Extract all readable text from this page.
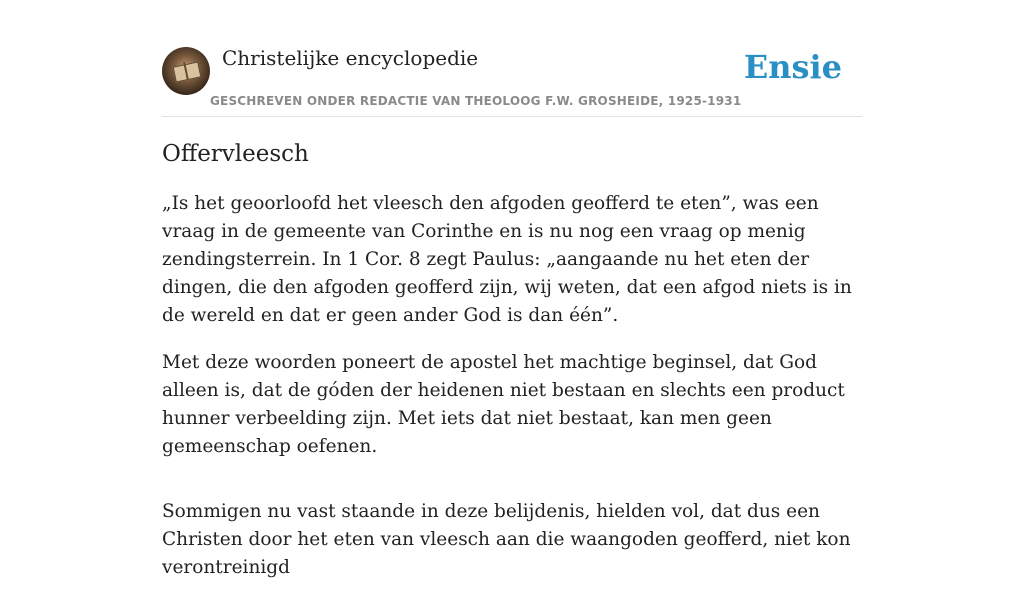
Christelijke encyclopedie
GESCHREVEN ONDER REDACTIE VAN THEOLOOG F.W. GROSHEIDE, 1925-1931
Ensie
Offervleesch

„Is het geoorloofd het vleesch den afgoden geofferd te eten”, was een vraag in de gemeente van Corinthe en is nu nog een vraag op menig zendingsterrein. In 1 Cor. 8 zegt Paulus: „aangaande nu het eten der dingen, die den afgoden geofferd zijn, wij weten, dat een afgod niets is in de wereld en dat er geen ander God is dan één”.

Met deze woorden poneert de apostel het machtige beginsel, dat God alleen is, dat de góden der heidenen niet bestaan en slechts een product hunner verbeelding zijn. Met iets dat niet bestaat, kan men geen gemeenschap oefenen.

Sommigen nu vast staande in deze belijdenis, hielden vol, dat dus een Christen door het eten van vleesch aan die waangoden geofferd, niet kon verontreinigd
